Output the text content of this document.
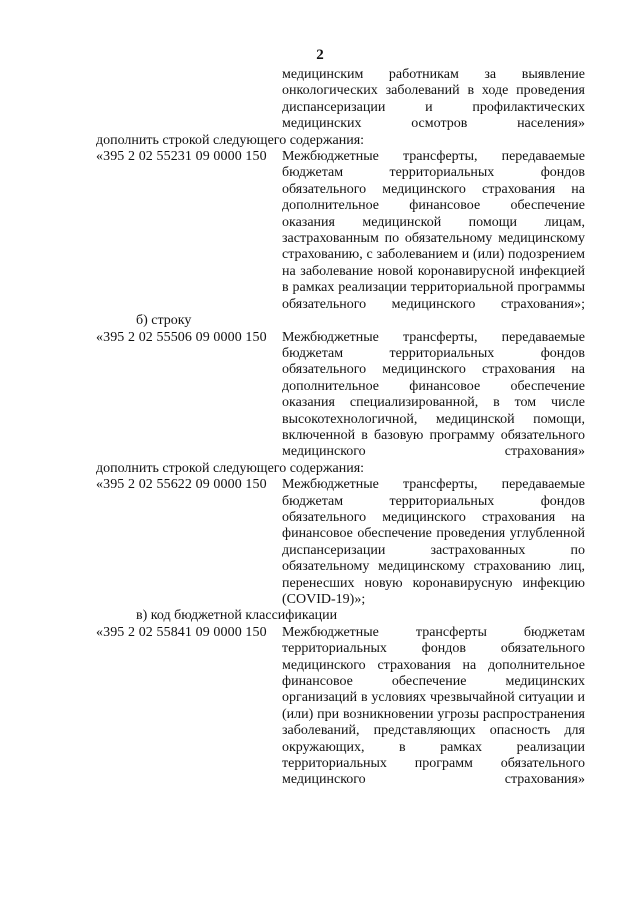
2
медицинским работникам за выявление онкологических заболеваний в ходе проведения диспансеризации и профилактических медицинских осмотров населения»
дополнить строкой следующего содержания:
«395 2 02 55231 09 0000 150	Межбюджетные трансферты, передаваемые бюджетам территориальных фондов обязательного медицинского страхования на дополнительное финансовое обеспечение оказания медицинской помощи лицам, застрахованным по обязательному медицинскому страхованию, с заболеванием и (или) подозрением на заболевание новой коронавирусной инфекцией в рамках реализации территориальной программы обязательного медицинского страхования»;
б) строку
«395 2 02 55506 09 0000 150	Межбюджетные трансферты, передаваемые бюджетам территориальных фондов обязательного медицинского страхования на дополнительное финансовое обеспечение оказания специализированной, в том числе высокотехнологичной, медицинской помощи, включенной в базовую программу обязательного медицинского страхования»
дополнить строкой следующего содержания:
«395 2 02 55622 09 0000 150	Межбюджетные трансферты, передаваемые бюджетам территориальных фондов обязательного медицинского страхования на финансовое обеспечение проведения углубленной диспансеризации застрахованных по обязательному медицинскому страхованию лиц, перенесших новую коронавирусную инфекцию (COVID-19)»;
в) код бюджетной классификации
«395 2 02 55841 09 0000 150	Межбюджетные трансферты бюджетам территориальных фондов обязательного медицинского страхования на дополнительное финансовое обеспечение медицинских организаций в условиях чрезвычайной ситуации и (или) при возникновении угрозы распространения заболеваний, представляющих опасность для окружающих, в рамках реализации территориальных программ обязательного медицинского страхования»
